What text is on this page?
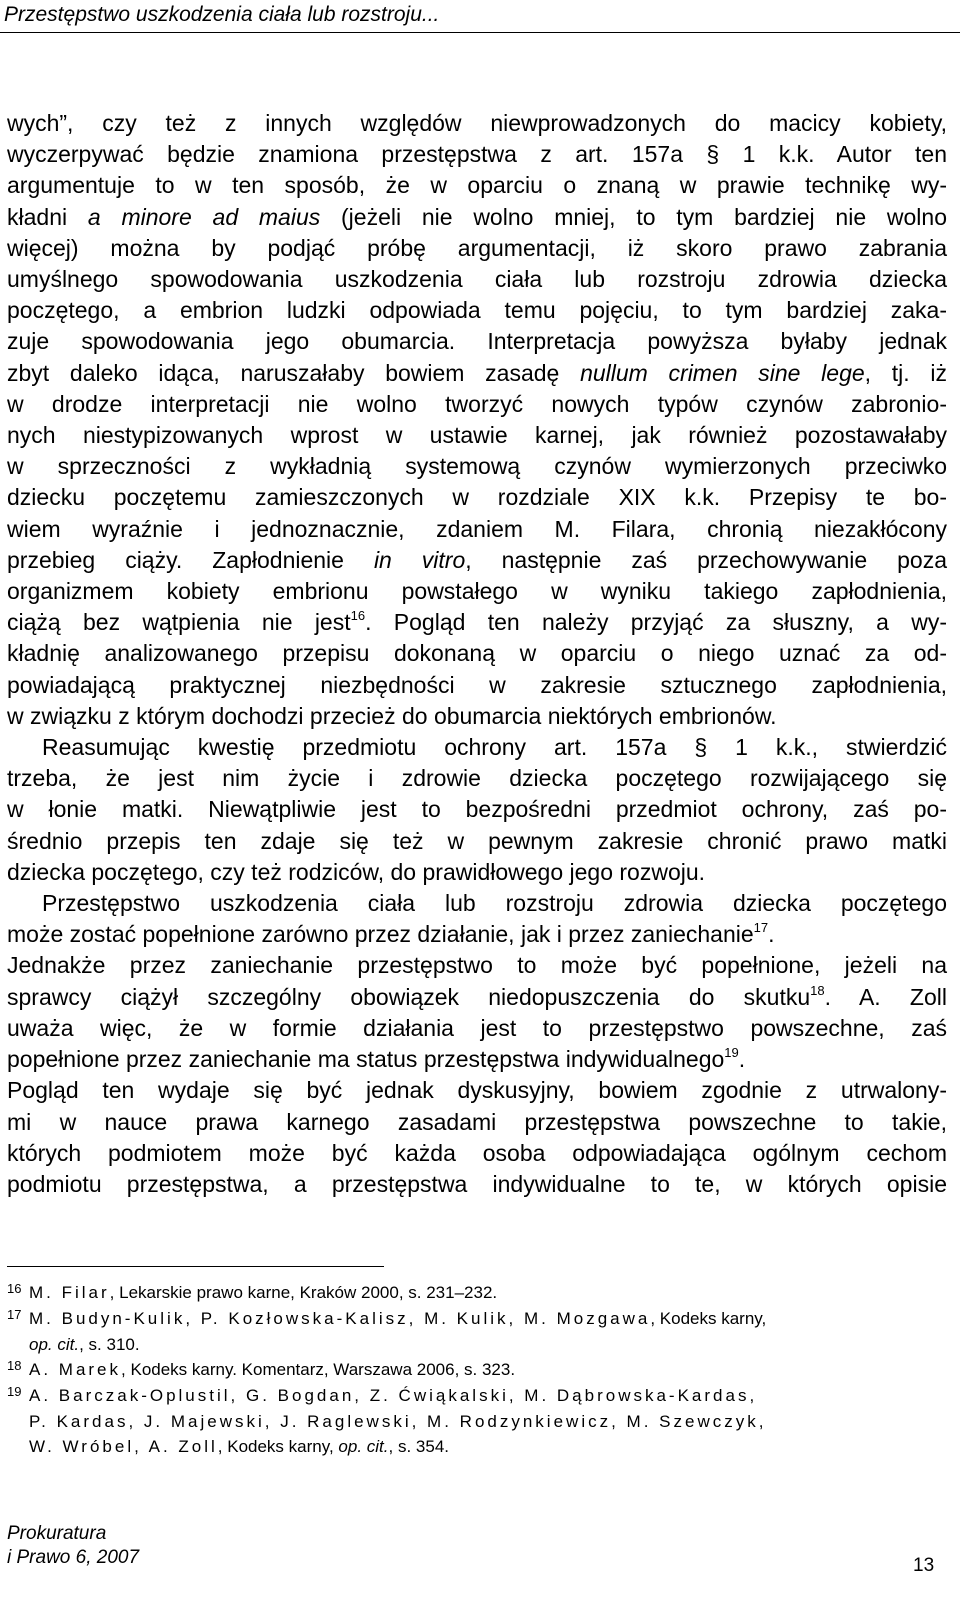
Przestępstwo uszkodzenia ciała lub rozstroju...
wych”, czy też z innych względów niewprowadzonych do macicy kobiety,
wyczerpywać będzie znamiona przestępstwa z art. 157a § 1 k.k. Autor ten
argumentuje to w ten sposób, że w oparciu o znaną w prawie technikę wy-
kładni a minore ad maius (jeżeli nie wolno mniej, to tym bardziej nie wolno
więcej) można by podjąć próbę argumentacji, iż skoro prawo zabrania
umyślnego spowodowania uszkodzenia ciała lub rozstroju zdrowia dziecka
poczętego, a embrion ludzki odpowiada temu pojęciu, to tym bardziej zaka-
zuje spowodowania jego obumarcia. Interpretacja powyższa byłaby jednak
zbyt daleko idąca, naruszałaby bowiem zasadę nullum crimen sine lege, tj. iż
w drodze interpretacji nie wolno tworzyć nowych typów czynów zabronio-
nych niestypizowanych wprost w ustawie karnej, jak również pozostawałaby
w sprzeczności z wykładnią systemową czynów wymierzonych przeciwko
dziecku poczętemu zamieszczonych w rozdziale XIX k.k. Przepisy te bo-
wiem wyraźnie i jednoznacznie, zdaniem M. Filara, chronią niezakłócony
przebieg ciąży. Zapłodnienie in vitro, następnie zaś przechowywanie poza
organizmem kobiety embrionu powstałego w wyniku takiego zapłodnienia,
ciążą bez wątpienia nie jest$^{16}$. Pogląd ten należy przyjąć za słuszny, a wy-
kładnię analizowanego przepisu dokonaną w oparciu o niego uznać za od-
powiadającą praktycznej niezbędności w zakresie sztucznego zapłodnienia,
w związku z którym dochodzi przecież do obumarcia niektórych embrionów.
Reasumując kwestię przedmiotu ochrony art. 157a § 1 k.k., stwierdzić
trzeba, że jest nim życie i zdrowie dziecka poczętego rozwijającego się
w łonie matki. Niewątpliwie jest to bezpośredni przedmiot ochrony, zaś po-
średnio przepis ten zdaje się też w pewnym zakresie chronić prawo matki
dziecka poczętego, czy też rodziców, do prawidłowego jego rozwoju.
Przestępstwo uszkodzenia ciała lub rozstroju zdrowia dziecka poczętego
może zostać popełnione zarówno przez działanie, jak i przez zaniechanie$^{17}$.
Jednakże przez zaniechanie przestępstwo to może być popełnione, jeżeli na
sprawcy ciążył szczególny obowiązek niedopuszczenia do skutku$^{18}$. A. Zoll
uważa więc, że w formie działania jest to przestępstwo powszechne, zaś
popełnione przez zaniechanie ma status przestępstwa indywidualnego$^{19}$.
Pogląd ten wydaje się być jednak dyskusyjny, bowiem zgodnie z utrwalony-
mi w nauce prawa karnego zasadami przestępstwa powszechne to takie,
których podmiotem może być każda osoba odpowiadająca ogólnym cechom
podmiotu przestępstwa, a przestępstwa indywidualne to te, w których opisie
16 M. Filar, Lekarskie prawo karne, Kraków 2000, s. 231–232.
17 M. Budyn-Kulik, P. Kozłowska-Kalisz, M. Kulik, M. Mozgawa, Kodeks karny,
op. cit., s. 310.
18 A. Marek, Kodeks karny. Komentarz, Warszawa 2006, s. 323.
19 A. Barczak-Oplustil, G. Bogdan, Z. Ćwiąkalski, M. Dąbrowska-Kardas,
P. Kardas, J. Majewski, J. Raglewski, M. Rodzynkiewicz, M. Szewczyk,
W. Wróbel, A. Zoll, Kodeks karny, op. cit., s. 354.
Prokuratura
i Prawo 6, 2007	13
